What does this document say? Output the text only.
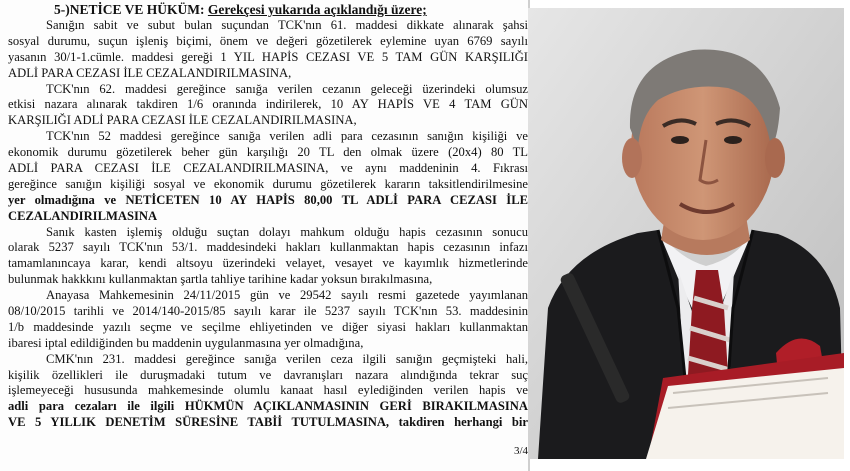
5-)NETİCE VE HÜKÜM: Gerekçesi yukarıda açıklandığı üzere;
Sanığın sabit ve subut bulan suçundan TCK'nın 61. maddesi dikkate alınarak şahsi
sosyal durumu, suçun işleniş biçimi, önem ve değeri gözetilerek eylemine uyan 6769 sayılı
yasanın 30/1-1.cümle. maddesi gereği 1 YIL HAPİS CEZASI VE 5 TAM GÜN KARŞILIĞI
ADLİ PARA CEZASI İLE CEZALANDIRILMASINA,
TCK'nın 62. maddesi gereğince sanığa verilen cezanın geleceği üzerindeki olumsuz
etkisi nazara alınarak takdiren 1/6 oranında indirilerek, 10 AY HAPİS VE 4 TAM GÜN
KARŞILIĞI ADLİ PARA CEZASI İLE CEZALANDIRILMASINA,
TCK'nın 52 maddesi gereğince sanığa verilen adli para cezasının sanığın kişiliği ve
ekonomik durumu gözetilerek beher gün karşılığı 20 TL den olmak üzere (20x4) 80 TL
ADLİ PARA CEZASI İLE CEZALANDIRILMASINA, ve aynı maddeninin 4. Fıkrası
gereğince sanığın kişiliği sosyal ve ekonomik durumu gözetilerek kararın taksitlendirilmesine
yer olmadığına ve NETİCETEN 10 AY HAPİS 80,00 TL ADLİ PARA CEZASI İLE
CEZALANDIRILMASINA
Sanık kasten işlemiş olduğu suçtan dolayı mahkum olduğu hapis cezasının sonucu
olarak 5237 sayılı TCK'nın 53/1. maddesindeki hakları kullanmaktan hapis cezasının infazı
tamamlanıncaya karar, kendi altsoyu üzerindeki velayet, vesayet ve kayımlık hizmetlerinde
bulunmak hakkkını kullanmaktan şartla tahliye tarihine kadar yoksun bırakılmasına,
Anayasa Mahkemesinin 24/11/2015 gün ve 29542 sayılı resmi gazetede yayımlanan
08/10/2015 tarihli ve 2014/140-2015/85 sayılı karar ile 5237 sayılı TCK'nın 53. maddesinin
1/b maddesinde yazılı seçme ve seçilme ehliyetinden ve diğer siyasi hakları kullanmaktan
ibaresi iptal edildiğinden bu maddenin uygulanmasına yer olmadığına,
CMK'nın 231. maddesi gereğince sanığa verilen ceza ilgili sanığın geçmişteki hali,
kişilik özellikleri ile duruşmadaki tutum ve davranışları nazara alındığında tekrar suç
işlemeyeceği hususunda mahkemesinde olumlu kanaat hasıl eylediğinden verilen hapis ve
adli para cezaları ile ilgili HÜKMÜN AÇIKLANMASININ GERİ BIRAKILMASINA
VE 5 YILLIK DENETİM SÜRESİNE TABİİ TUTULMASINA, takdiren herhangi bir
3/4
